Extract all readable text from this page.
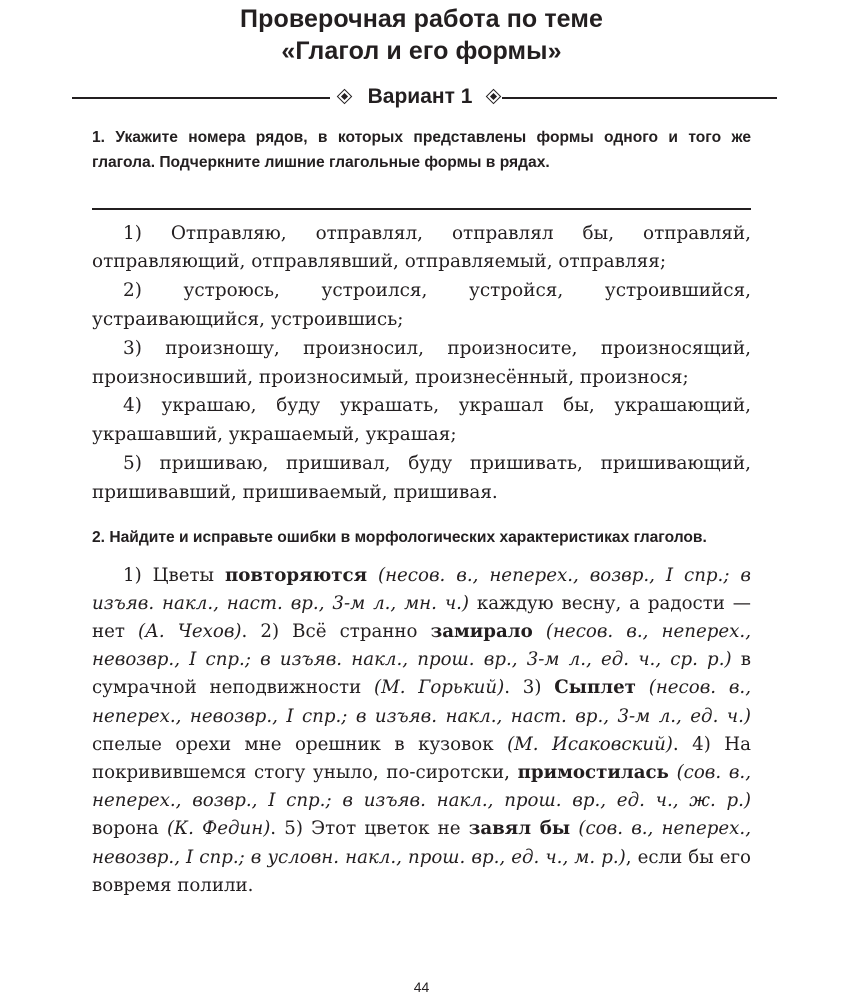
Проверочная работа по теме
«Глагол и его формы»
Вариант 1
1. Укажите номера рядов, в которых представлены формы одного и того же глагола. Подчеркните лишние глагольные формы в рядах.

1) Отправляю, отправлял, отправлял бы, отправляй, отправляющий, отправлявший, отправляемый, отправляя;

2) устроюсь, устроился, устройся, устроившийся, устраивающийся, устроившись;

3) произношу, произносил, произносите, произносящий, произносивший, произносимый, произнесённый, произнося;

4) украшаю, буду украшать, украшал бы, украшающий, украшавший, украшаемый, украшая;

5) пришиваю, пришивал, буду пришивать, пришивающий, пришивавший, пришиваемый, пришивая.

2. Найдите и исправьте ошибки в морфологических характеристиках глаголов.

1) Цветы повторяются (несов. в., неперех., возвр., I спр.; в изъяв. накл., наст. вр., 3-м л., мн. ч.) каждую весну, а радости — нет (А. Чехов). 2) Всё странно замирало (несов. в., неперех., невозвр., I спр.; в изъяв. накл., прош. вр., 3-м л., ед. ч., ср. р.) в сумрачной неподвижности (М. Горький). 3) Сыплет (несов. в., неперех., невозвр., I спр.; в изъяв. накл., наст. вр., 3-м л., ед. ч.) спелые орехи мне орешник в кузовок (М. Исаковский). 4) На покривившемся стогу уныло, по-сиротски, примостилась (сов. в., неперех., возвр., I спр.; в изъяв. накл., прош. вр., ед. ч., ж. р.) ворона (К. Федин). 5) Этот цветок не завял бы (сов. в., неперех., невозвр., I спр.; в условн. накл., прош. вр., ед. ч., м. р.), если бы его вовремя полили.

44
